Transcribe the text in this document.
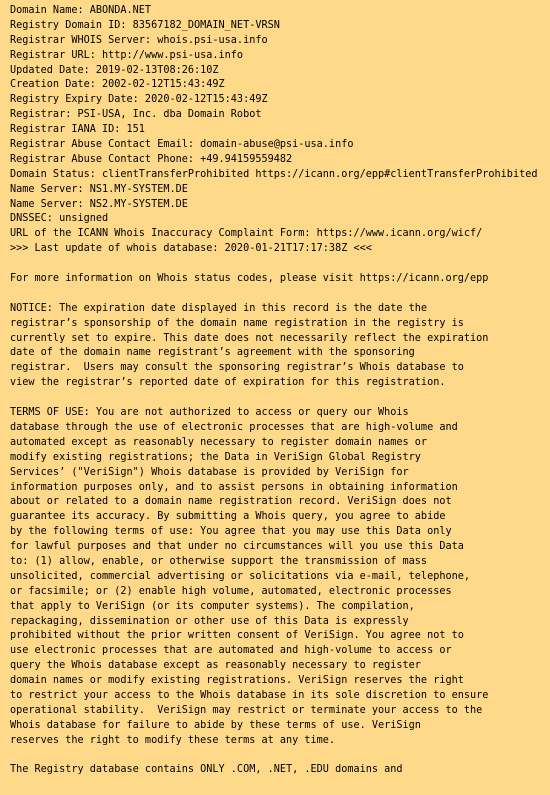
Domain Name: ABONDA.NET
Registry Domain ID: 83567182_DOMAIN_NET-VRSN
Registrar WHOIS Server: whois.psi-usa.info
Registrar URL: http://www.psi-usa.info
Updated Date: 2019-02-13T08:26:10Z
Creation Date: 2002-02-12T15:43:49Z
Registry Expiry Date: 2020-02-12T15:43:49Z
Registrar: PSI-USA, Inc. dba Domain Robot
Registrar IANA ID: 151
Registrar Abuse Contact Email: domain-abuse@psi-usa.info
Registrar Abuse Contact Phone: +49.94159559482
Domain Status: clientTransferProhibited https://icann.org/epp#clientTransferProhibited
Name Server: NS1.MY-SYSTEM.DE
Name Server: NS2.MY-SYSTEM.DE
DNSSEC: unsigned
URL of the ICANN Whois Inaccuracy Complaint Form: https://www.icann.org/wicf/
>>> Last update of whois database: 2020-01-21T17:17:38Z <<<
For more information on Whois status codes, please visit https://icann.org/epp
NOTICE: The expiration date displayed in this record is the date the
registrar’s sponsorship of the domain name registration in the registry is
currently set to expire. This date does not necessarily reflect the expiration
date of the domain name registrant’s agreement with the sponsoring
registrar.  Users may consult the sponsoring registrar’s Whois database to
view the registrar’s reported date of expiration for this registration.
TERMS OF USE: You are not authorized to access or query our Whois
database through the use of electronic processes that are high-volume and
automated except as reasonably necessary to register domain names or
modify existing registrations; the Data in VeriSign Global Registry
Services’ ("VeriSign") Whois database is provided by VeriSign for
information purposes only, and to assist persons in obtaining information
about or related to a domain name registration record. VeriSign does not
guarantee its accuracy. By submitting a Whois query, you agree to abide
by the following terms of use: You agree that you may use this Data only
for lawful purposes and that under no circumstances will you use this Data
to: (1) allow, enable, or otherwise support the transmission of mass
unsolicited, commercial advertising or solicitations via e-mail, telephone,
or facsimile; or (2) enable high volume, automated, electronic processes
that apply to VeriSign (or its computer systems). The compilation,
repackaging, dissemination or other use of this Data is expressly
prohibited without the prior written consent of VeriSign. You agree not to
use electronic processes that are automated and high-volume to access or
query the Whois database except as reasonably necessary to register
domain names or modify existing registrations. VeriSign reserves the right
to restrict your access to the Whois database in its sole discretion to ensure
operational stability.  VeriSign may restrict or terminate your access to the
Whois database for failure to abide by these terms of use. VeriSign
reserves the right to modify these terms at any time.
The Registry database contains ONLY .COM, .NET, .EDU domains and
